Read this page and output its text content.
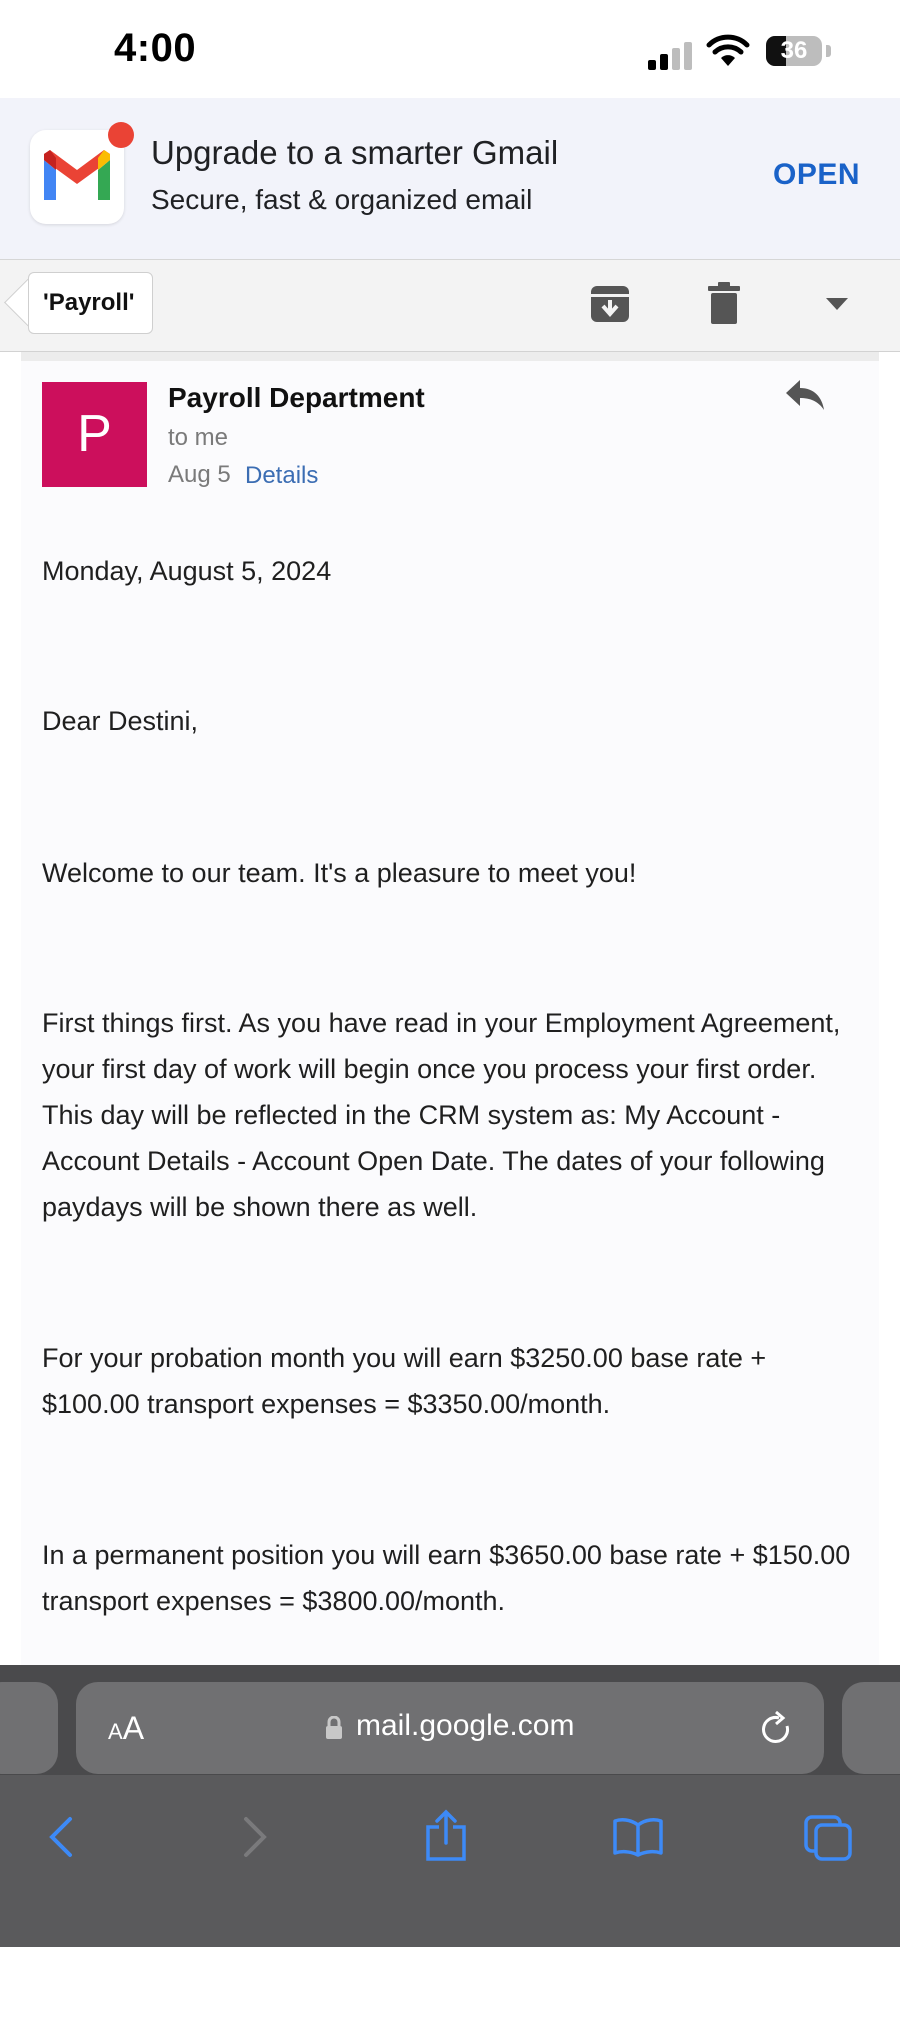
4:00	36
Upgrade to a smarter Gmail
Secure, fast & organized email
OPEN
'Payroll'
P
Payroll Department
to me
Aug 5 Details
Monday, August 5, 2024
Dear Destini,
Welcome to our team. It's a pleasure to meet you!
First things first. As you have read in your Employment Agreement, your first day of work will begin once you process your first order. This day will be reflected in the CRM system as: My Account - Account Details - Account Open Date. The dates of your following paydays will be shown there as well.
For your probation month you will earn $3250.00 base rate + $100.00 transport expenses = $3350.00/month.
In a permanent position you will earn $3650.00 base rate + $150.00 transport expenses = $3800.00/month.
AA	mail.google.com
